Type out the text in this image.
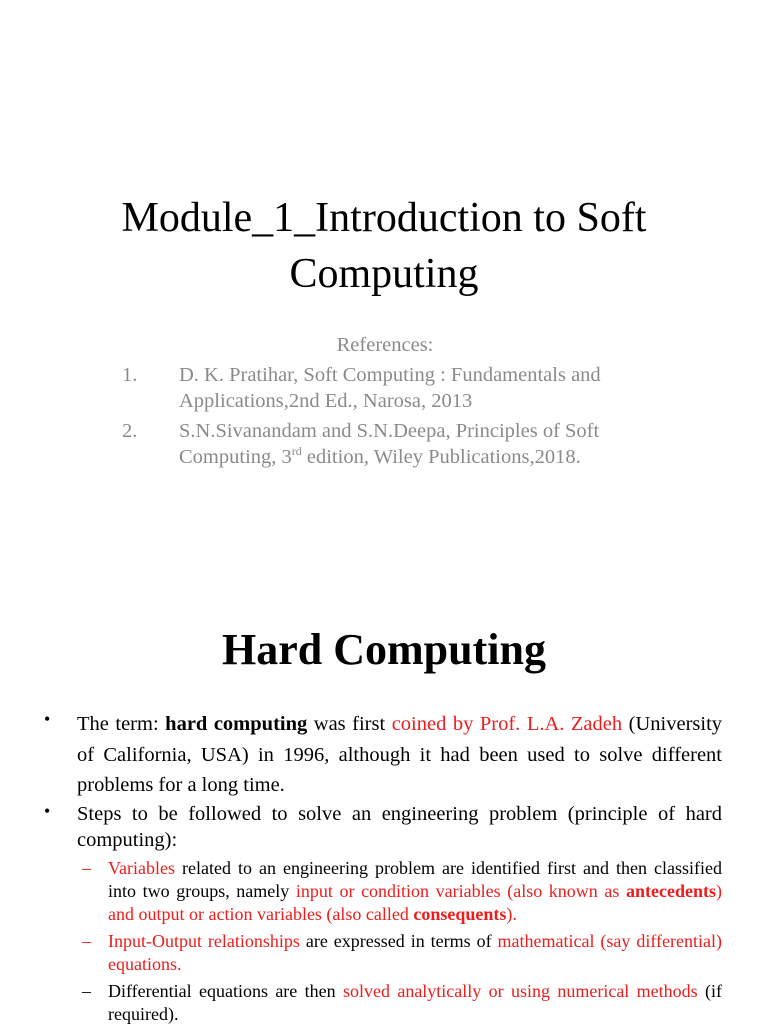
Module_1_Introduction to Soft
Computing
References:
1.	D. K. Pratihar, Soft Computing : Fundamentals and
Applications,2nd Ed., Narosa, 2013
2.	S.N.Sivanandam and S.N.Deepa, Principles of Soft
Computing, 3rd edition, Wiley Publications,2018.
Hard Computing
•	The term: hard computing was first coined by Prof. L.A. Zadeh (University of California, USA) in 1996, although it had been used to solve different problems for a long time.
•	Steps to be followed to solve an engineering problem (principle of hard computing):
– Variables related to an engineering problem are identified first and then classified into two groups, namely input or condition variables (also known as antecedents) and output or action variables (also called consequents).
– Input-Output relationships are expressed in terms of mathematical (say differential) equations.
– Differential equations are then solved analytically or using numerical methods (if required).
